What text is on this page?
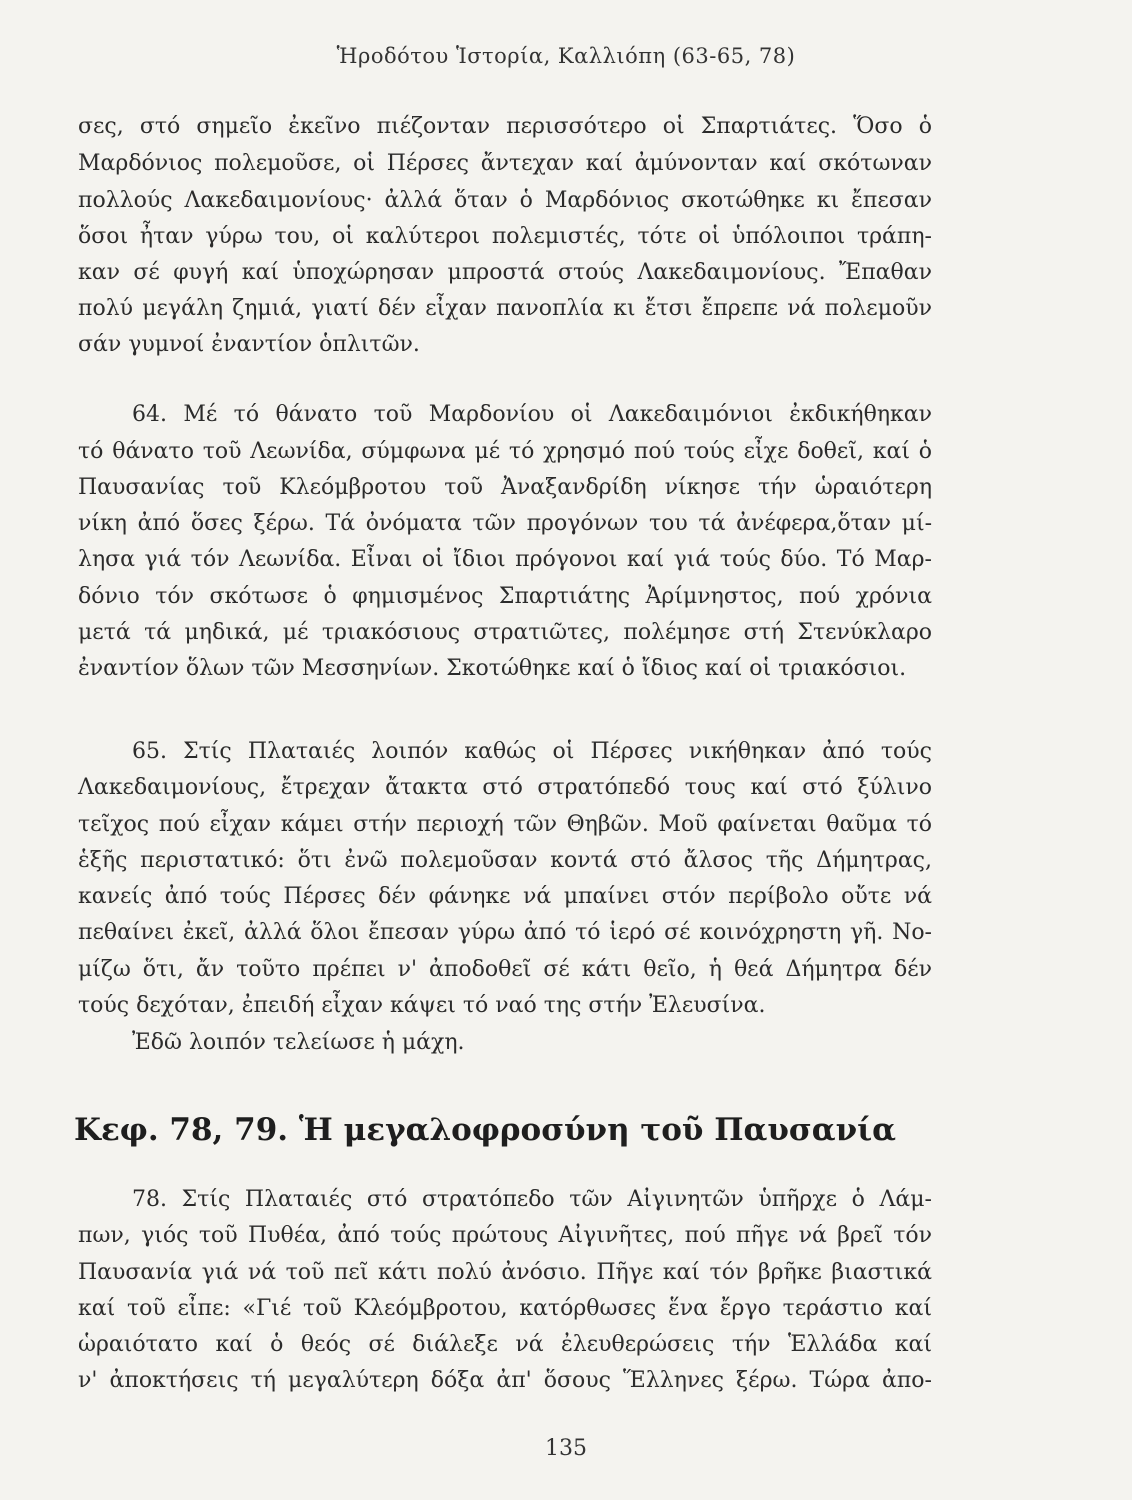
Ἡροδότου Ἱστορία, Καλλιόπη (63-65, 78)

σες, στό σημεῖο ἐκεῖνο πιέζονταν περισσότερο οἱ Σπαρτιάτες. Ὅσο ὁ

Μαρδόνιος πολεμοῦσε, οἱ Πέρσες ἄντεχαν καί ἀμύνονταν καί σκότωναν

πολλούς Λακεδαιμονίους· ἀλλά ὅταν ὁ Μαρδόνιος σκοτώθηκε κι ἔπεσαν

ὅσοι ἦταν γύρω του, οἱ καλύτεροι πολεμιστές, τότε οἱ ὑπόλοιποι τράπη-

καν σέ φυγή καί ὑποχώρησαν μπροστά στούς Λακεδαιμονίους. Ἔπαθαν

πολύ μεγάλη ζημιά, γιατί δέν εἶχαν πανοπλία κι ἔτσι ἔπρεπε νά πολεμοῦν

σάν γυμνοί ἐναντίον ὁπλιτῶν.

64. Μέ τό θάνατο τοῦ Μαρδονίου οἱ Λακεδαιμόνιοι ἐκδικήθηκαν

τό θάνατο τοῦ Λεωνίδα, σύμφωνα μέ τό χρησμό πού τούς εἶχε δοθεῖ, καί ὁ

Παυσανίας τοῦ Κλεόμβροτου τοῦ Ἀναξανδρίδη νίκησε τήν ὡραιότερη

νίκη ἀπό ὅσες ξέρω. Τά ὀνόματα τῶν προγόνων του τά ἀνέφερα,ὅταν μί-

λησα γιά τόν Λεωνίδα. Εἶναι οἱ ἴδιοι πρόγονοι καί γιά τούς δύο. Τό Μαρ-

δόνιο τόν σκότωσε ὁ φημισμένος Σπαρτιάτης Ἀρίμνηστος, πού χρόνια

μετά τά μηδικά, μέ τριακόσιους στρατιῶτες, πολέμησε στή Στενύκλαρο

ἐναντίον ὅλων τῶν Μεσσηνίων. Σκοτώθηκε καί ὁ ἴδιος καί οἱ τριακόσιοι.

65. Στίς Πλαταιές λοιπόν καθώς οἱ Πέρσες νικήθηκαν ἀπό τούς

Λακεδαιμονίους, ἔτρεχαν ἄτακτα στό στρατόπεδό τους καί στό ξύλινο

τεῖχος πού εἶχαν κάμει στήν περιοχή τῶν Θηβῶν. Μοῦ φαίνεται θαῦμα τό

ἑξῆς περιστατικό: ὅτι ἐνῶ πολεμοῦσαν κοντά στό ἄλσος τῆς Δήμητρας,

κανείς ἀπό τούς Πέρσες δέν φάνηκε νά μπαίνει στόν περίβολο οὔτε νά

πεθαίνει ἐκεῖ, ἀλλά ὅλοι ἔπεσαν γύρω ἀπό τό ἱερό σέ κοινόχρηστη γῆ. Νο-

μίζω ὅτι, ἄν τοῦτο πρέπει ν' ἀποδοθεῖ σέ κάτι θεῖο, ἡ θεά Δήμητρα δέν

τούς δεχόταν, ἐπειδή εἶχαν κάψει τό ναό της στήν Ἐλευσίνα.

Ἐδῶ λοιπόν τελείωσε ἡ μάχη.

Κεφ. 78, 79. Ἡ μεγαλοφροσύνη τοῦ Παυσανία

78. Στίς Πλαταιές στό στρατόπεδο τῶν Αἰγινητῶν ὑπῆρχε ὁ Λάμ-

πων, γιός τοῦ Πυθέα, ἀπό τούς πρώτους Αἰγινῆτες, πού πῆγε νά βρεῖ τόν

Παυσανία γιά νά τοῦ πεῖ κάτι πολύ ἀνόσιο. Πῆγε καί τόν βρῆκε βιαστικά

καί τοῦ εἶπε: «Γιέ τοῦ Κλεόμβροτου, κατόρθωσες ἕνα ἔργο τεράστιο καί

ὡραιότατο καί ὁ θεός σέ διάλεξε νά ἐλευθερώσεις τήν Ἑλλάδα καί

ν' ἀποκτήσεις τή μεγαλύτερη δόξα ἀπ' ὅσους Ἕλληνες ξέρω. Τώρα ἀπο-

135
